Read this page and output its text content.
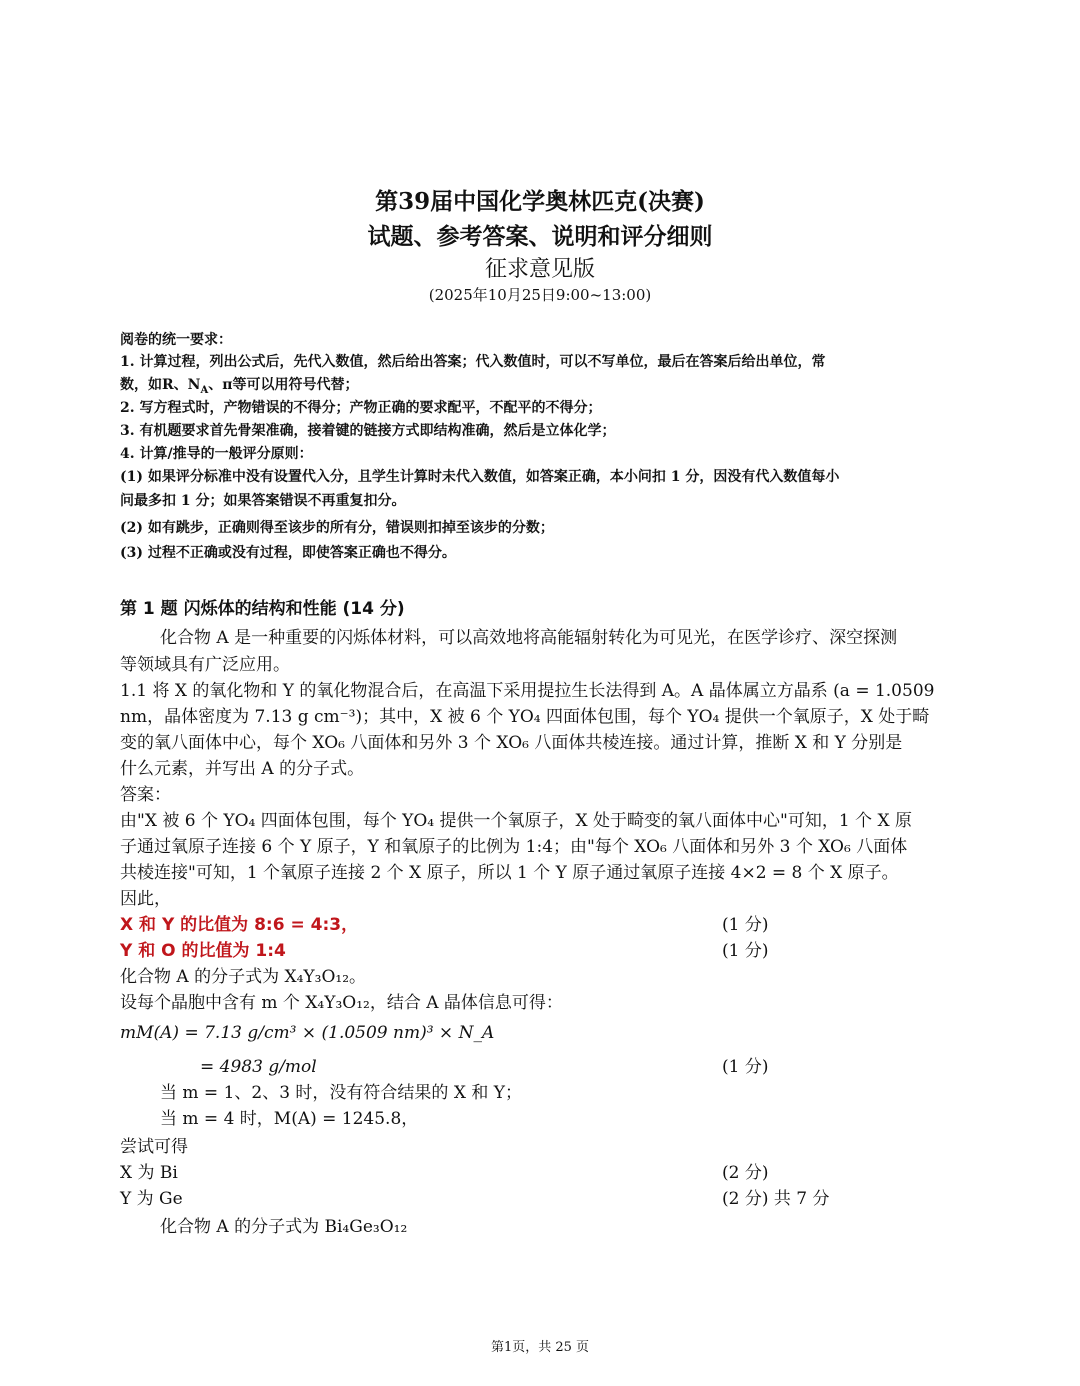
第39届中国化学奥林匹克(决赛)
试题、参考答案、说明和评分细则
征求意见版
(2025年10月25日9:00~13:00)
阅卷的统一要求：
1. 计算过程，列出公式后，先代入数值，然后给出答案；代入数值时，可以不写单位，最后在答案后给出单位，常
数，如R、$N_A$、π等可以用符号代替；
2. 写方程式时，产物错误的不得分；产物正确的要求配平，不配平的不得分；
3. 有机题要求首先骨架准确，接着键的链接方式即结构准确，然后是立体化学；
4. 计算/推导的一般评分原则：
(1) 如果评分标准中没有设置代入分，且学生计算时未代入数值，如答案正确，本小问扣 1 分，因没有代入数值每小
问最多扣 1 分；如果答案错误不再重复扣分。
(2) 如有跳步，正确则得至该步的所有分，错误则扣掉至该步的分数；
(3) 过程不正确或没有过程，即使答案正确也不得分。
第 1 题 闪烁体的结构和性能 (14 分)
化合物 A 是一种重要的闪烁体材料，可以高效地将高能辐射转化为可见光，在医学诊疗、深空探测
等领域具有广泛应用。
1.1 将 X 的氧化物和 Y 的氧化物混合后，在高温下采用提拉生长法得到 A。A 晶体属立方晶系 (a = 1.0509
nm，晶体密度为 7.13 g cm⁻³)；其中，X 被 6 个 YO₄ 四面体包围，每个 YO₄ 提供一个氧原子，X 处于畸
变的氧八面体中心，每个 XO₆ 八面体和另外 3 个 XO₆ 八面体共棱连接。通过计算，推断 X 和 Y 分别是
什么元素，并写出 A 的分子式。
答案：
由"X 被 6 个 YO₄ 四面体包围，每个 YO₄ 提供一个氧原子，X 处于畸变的氧八面体中心"可知，1 个 X 原
子通过氧原子连接 6 个 Y 原子，Y 和氧原子的比例为 1:4；由"每个 XO₆ 八面体和另外 3 个 XO₆ 八面体
共棱连接"可知，1 个氧原子连接 2 个 X 原子，所以 1 个 Y 原子通过氧原子连接 4×2 = 8 个 X 原子。
因此，
X 和 Y 的比值为 8:6 = 4:3，	(1 分)
Y 和 O 的比值为 1:4	(1 分)
化合物 A 的分子式为 X₄Y₃O₁₂。
设每个晶胞中含有 m 个 X₄Y₃O₁₂，结合 A 晶体信息可得：
mM(A) = 7.13 g/cm³ × (1.0509 nm)³ × N_A
= 4983 g/mol	(1 分)
当 m = 1、2、3 时，没有符合结果的 X 和 Y；
当 m = 4 时，M(A) = 1245.8，
尝试可得
X 为 Bi	(2 分)
Y 为 Ge	(2 分) 共 7 分
化合物 A 的分子式为 Bi₄Ge₃O₁₂
第1页，共 25 页
